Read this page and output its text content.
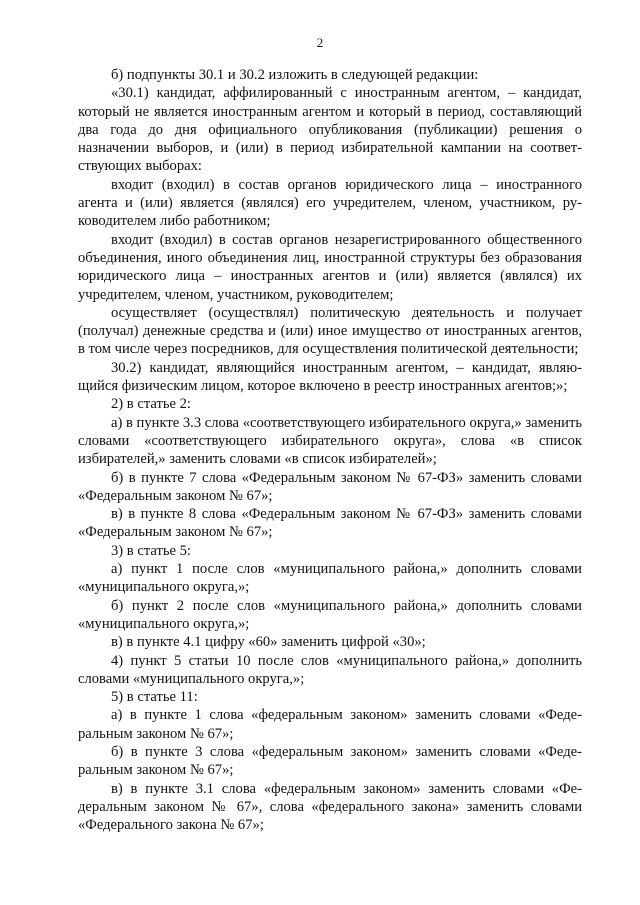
2

б) подпункты 30.1 и 30.2 изложить в следующей редакции:

«30.1) кандидат, аффилированный с иностранным агентом, – кандидат, который не является иностранным агентом и который в период, составляющий два года до дня официального опубликования (публикации) решения о назначении выборов, и (или) в период избирательной кампании на соответствующих выборах:

входит (входил) в состав органов юридического лица – иностранного агента и (или) является (являлся) его учредителем, членом, участником, руководителем либо работником;

входит (входил) в состав органов незарегистрированного общественного объединения, иного объединения лиц, иностранной структуры без образования юридического лица – иностранных агентов и (или) является (являлся) их учредителем, членом, участником, руководителем;

осуществляет (осуществлял) политическую деятельность и получает (получал) денежные средства и (или) иное имущество от иностранных агентов, в том числе через посредников, для осуществления политической деятельности;

30.2) кандидат, являющийся иностранным агентом, – кандидат, являющийся физическим лицом, которое включено в реестр иностранных агентов;»;

2) в статье 2:

а) в пункте 3.3 слова «соответствующего избирательного округа,» заменить словами «соответствующего избирательного округа», слова «в список избирателей,» заменить словами «в список избирателей»;

б) в пункте 7 слова «Федеральным законом № 67-ФЗ» заменить словами «Федеральным законом № 67»;

в) в пункте 8 слова «Федеральным законом № 67-ФЗ» заменить словами «Федеральным законом № 67»;

3) в статье 5:

а) пункт 1 после слов «муниципального района,» дополнить словами «муниципального округа,»;

б) пункт 2 после слов «муниципального района,» дополнить словами «муниципального округа,»;

в) в пункте 4.1 цифру «60» заменить цифрой «30»;

4) пункт 5 статьи 10 после слов «муниципального района,» дополнить словами «муниципального округа,»;

5) в статье 11:

а) в пункте 1 слова «федеральным законом» заменить словами «Федеральным законом № 67»;

б) в пункте 3 слова «федеральным законом» заменить словами «Федеральным законом № 67»;

в) в пункте 3.1 слова «федеральным законом» заменить словами «Федеральным законом № 67», слова «федерального закона» заменить словами «Федерального закона № 67»;
